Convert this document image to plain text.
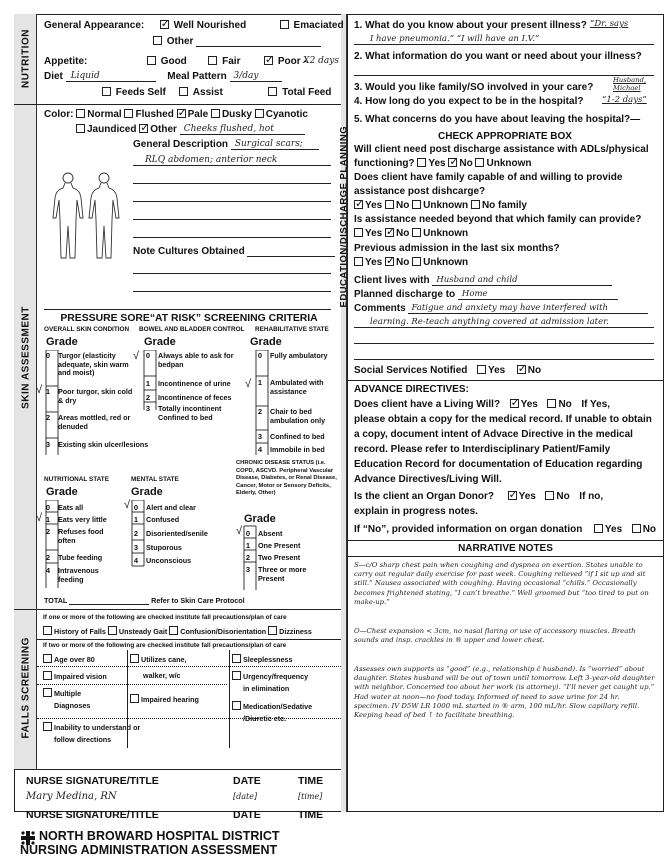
NUTRITION
SKIN ASSESSMENT
FALLS SCREENING
EDUCATION/DISCHARGE PLANNING
General Appearance: ✓	Well Nourished	Emaciated
Other
Appetite:	Good	Fair ✓	Poor -
X2 days
Diet Liquid	Meal Pattern 3/day
Feeds Self	Assist	Total Feed
Color: Normal Flushed ✓ Pale Dusky Cyanotic
Jaundiced ✓ Other Cheeks flushed, hot
General Description Surgical scars;
RLQ abdomen; anterior neck
Note Cultures Obtained
PRESSURE SORE“AT RISK” SCREENING CRITERIA
OVERALL SKIN CONDITION BOWEL AND BLADDER CONTROL REHABILITATIVE STATE
Grade	Grade	Grade
0 Turgor (elasticity adequate, skin warm and moist)
1 Poor turgor, skin cold & dry
√
2 Areas mottled, red or denuded
3 Existing skin ulcer/lesions
√ 0 Always able to ask for bedpan
1 Incontinence of urine
2 Incontinence of feces
3 Totally incontinent Confined to bed
0 Fully ambulatory
√ 1 Ambulated with assistance
2 Chair to bed ambulation only
3 Confined to bed
4 Immobile in bed
NUTRITIONAL STATE	MENTAL STATE
CHRONIC DISEASE STATUS (i.e. COPD, ASCVD. Peripheral Vascular Disease, Diabetes, or Renal Disease, Cancer, Motor or Sensory Deficits, Elderly, Other)
Grade	Grade
Grade
0 Eats all
√ 1 Eats very little
2 Refuses food often
2 Tube feeding
4 Intravenous feeding
√ 0 Alert and clear
1 Confused
2 Disoriented/senile
3 Stuporous
4 Unconscious
√ 0 Absent
1 One Present
2 Two Present
3 Three or more Present
TOTAL	Refer to Skin Care Protocol
If one or more of the following are checked institute fall precautions/plan of care
History of Falls Unsteady Gait Confusion/Disorientation Dizziness
If two or more of the following are checked institute fall precautions/plan of care
Age over 80	Utilizes cane,	Sleeplessness
Impaired vision	walker, w/c	Urgency/frequency
in elimination
Multiple
Diagnoses
Impaired hearing
Medication/Sedative
/Diuretic etc.
Inability to understand or
follow directions
NURSE SIGNATURE/TITLE	DATE	TIME
Mary Medina, RN	[date]	[time]
NURSE SIGNATURE/TITLE	DATE	TIME
NORTH BROWARD HOSPITAL DISTRICT
NURSING ADMINISTRATION ASSESSMENT
1. What do you know about your present illness? “Dr. says
I have pneumonia.” “I will have an I.V.”
2. What information do you want or need about your illness?
3. Would you like family/SO involved in your care?
Husband, Michael
4. How long do you expect to be in the hospital? “1-2 days”
5. What concerns do you have about leaving the hospital?—
CHECK APPROPRIATE BOX
Will client need post discharge assistance with ADLs/physical
functioning? Yes ✓ No Unknown
Does client have family capable of and willing to provide
assistance post dishcarge?
✓Yes No Unknown No family
Is assistance needed beyond that which family can provide?
Yes ✓ No Unknown
Previous admission in the last six months?
Yes ✓ No Unknown
Client lives with Husband and child
Planned discharge to Home
Comments Fatigue and anxiety may have interfered with
learning. Re-teach anything covered at admission later.
Social Services Notified Yes ✓ No
ADVANCE DIRECTIVES:
Does client have a Living Will? ✓ Yes No If Yes,
please obtain a copy for the medical record. If unable to obtain
a copy, document intent of Advace Directive in the medical
record. Please refer to Interdisciplinary Patient/Family
Education Record for documentation of Education regarding
Advance Directives/Living Will.
Is the client an Organ Donor? ✓ Yes No If no,
explain in progress notes.
If “No”, provided information on organ donation Yes No
NARRATIVE NOTES
S—c/O sharp chest pain when coughing and dyspnea on exertion. States unable to carry out regular daily exercise for past week. Coughing relieved “if I sit up and sit still.” Nausea associated with coughing. Having occasional “chills.” Occasionally becomes frightened stating, “I can’t breathe.” Well groomed but “too tired to put on make-up.”
O—Chest expansion < 3cm, no nasal flaring or use of accessory muscles. Breath sounds and insp. crackles in ® upper and lower chest.
Assesses own supports as “good” (e.g., relationship ĉ husband). Is “worried” about daughter. States husband will be out of town until tomorrow. Left 3-year-old daughter with neighbor. Concerned too about her work (is attorney). “I’ll never get caught up.” Had water at noon—no food today. Informed of need to save urine for 24 hr. specimen. IV D5W LR 1000 mL started in ® arm, 100 mL/hr. Slow capillary refill. Keeping head of bed ↑ to facilitate breathing.
